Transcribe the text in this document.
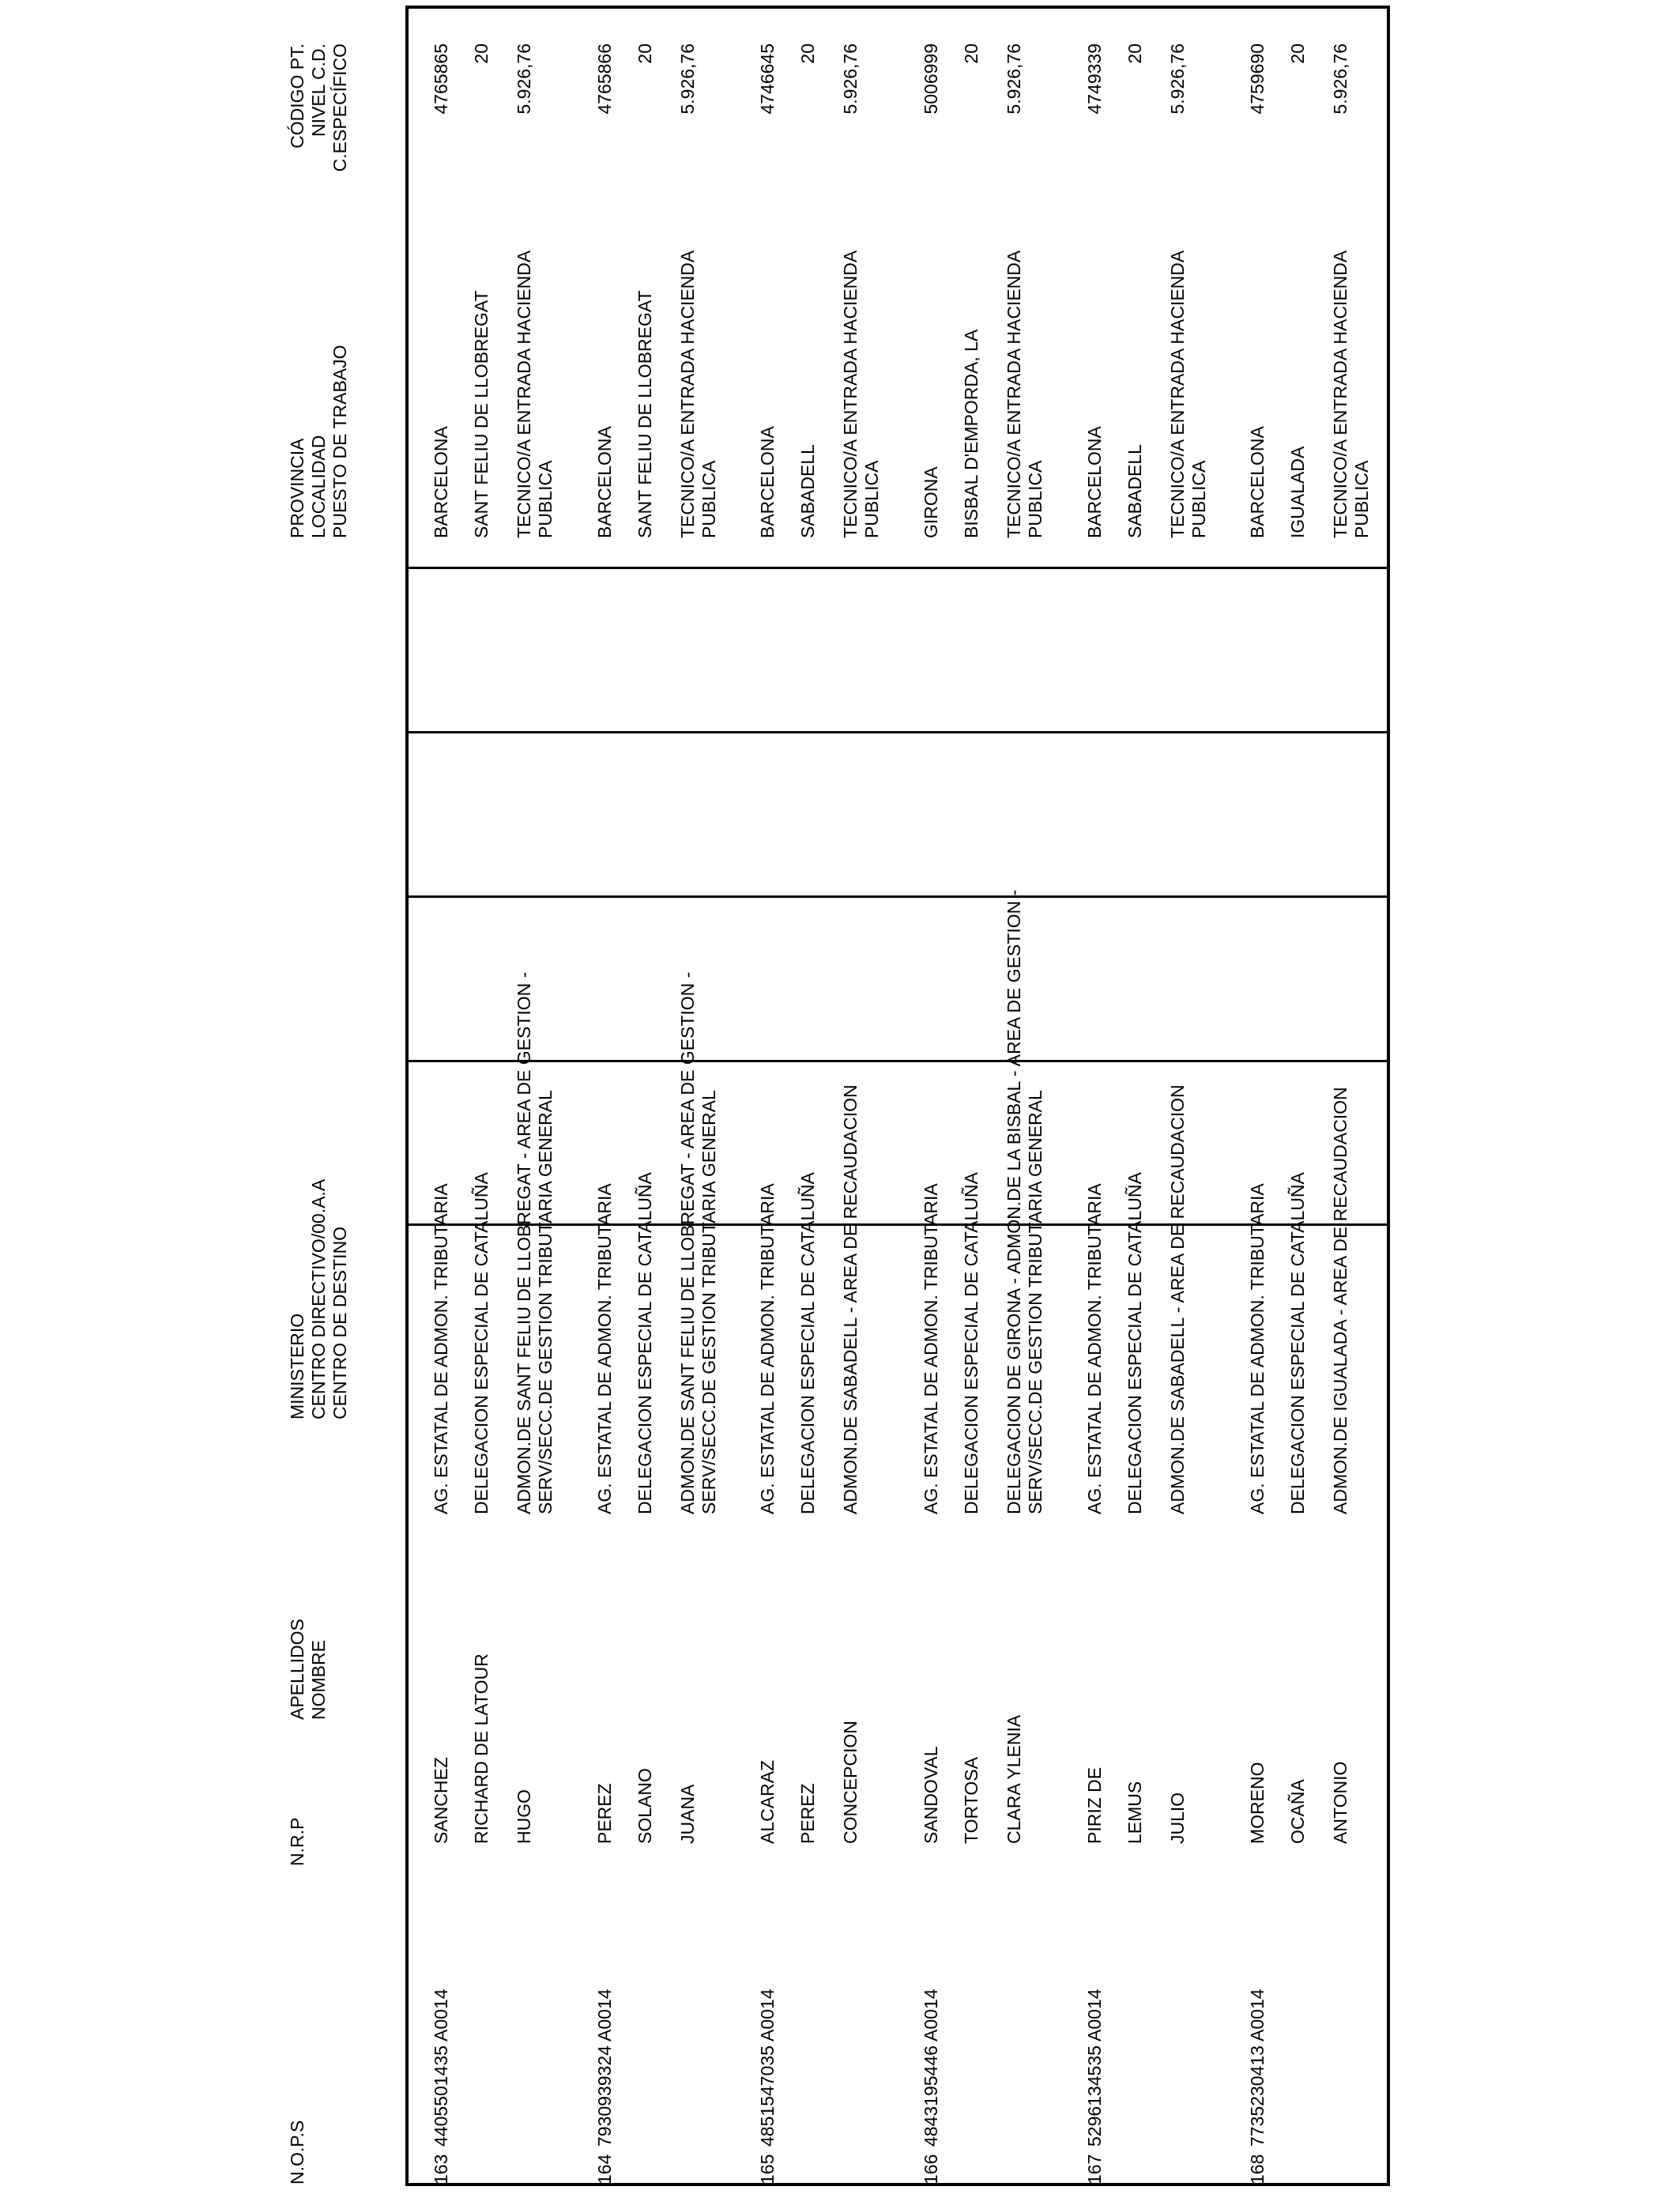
N.O.P.S
N.R.P
APELLIDOS NOMBRE
MINISTERIO CENTRO DIRECTIVO/00.A.A CENTRO DE DESTINO
PROVINCIA LOCALIDAD PUESTO DE TRABAJO
CÓDIGO PT. NIVEL C.D. C.ESPECÍFICO
163
4405501435 A0014
SANCHEZ RICHARD DE LATOUR HUGO
AG. ESTATAL DE ADMON. TRIBUTARIA DELEGACION ESPECIAL DE CATALUÑA ADMON.DE SANT FELIU DE LLOBREGAT - AREA DE GESTION - SERV/SECC.DE GESTION TRIBUTARIA GENERAL
BARCELONA SANT FELIU DE LLOBREGAT TECNICO/A ENTRADA HACIENDA PUBLICA
4765865 20 5.926,76
164
7930939324 A0014
PEREZ SOLANO JUANA
AG. ESTATAL DE ADMON. TRIBUTARIA DELEGACION ESPECIAL DE CATALUÑA ADMON.DE SANT FELIU DE LLOBREGAT - AREA DE GESTION - SERV/SECC.DE GESTION TRIBUTARIA GENERAL
BARCELONA SANT FELIU DE LLOBREGAT TECNICO/A ENTRADA HACIENDA PUBLICA
4765866 20 5.926,76
165
4851547035 A0014
ALCARAZ PEREZ CONCEPCION
AG. ESTATAL DE ADMON. TRIBUTARIA DELEGACION ESPECIAL DE CATALUÑA ADMON.DE SABADELL - AREA DE RECAUDACION
BARCELONA SABADELL TECNICO/A ENTRADA HACIENDA PUBLICA
4746645 20 5.926,76
166
4843195446 A0014
SANDOVAL TORTOSA CLARA YLENIA
AG. ESTATAL DE ADMON. TRIBUTARIA DELEGACION ESPECIAL DE CATALUÑA DELEGACION DE GIRONA - ADMON.DE LA BISBAL - AREA DE GESTION - SERV/SECC.DE GESTION TRIBUTARIA GENERAL
GIRONA BISBAL D'EMPORDA, LA TECNICO/A ENTRADA HACIENDA PUBLICA
5006999 20 5.926,76
167
5296134535 A0014
PIRIZ DE LEMUS JULIO
AG. ESTATAL DE ADMON. TRIBUTARIA DELEGACION ESPECIAL DE CATALUÑA ADMON.DE SABADELL - AREA DE RECAUDACION
BARCELONA SABADELL TECNICO/A ENTRADA HACIENDA PUBLICA
4749339 20 5.926,76
168
7735230413 A0014
MORENO OCAÑA ANTONIO
AG. ESTATAL DE ADMON. TRIBUTARIA DELEGACION ESPECIAL DE CATALUÑA ADMON.DE IGUALADA - AREA DE RECAUDACION
BARCELONA IGUALADA TECNICO/A ENTRADA HACIENDA PUBLICA
4759690 20 5.926,76
